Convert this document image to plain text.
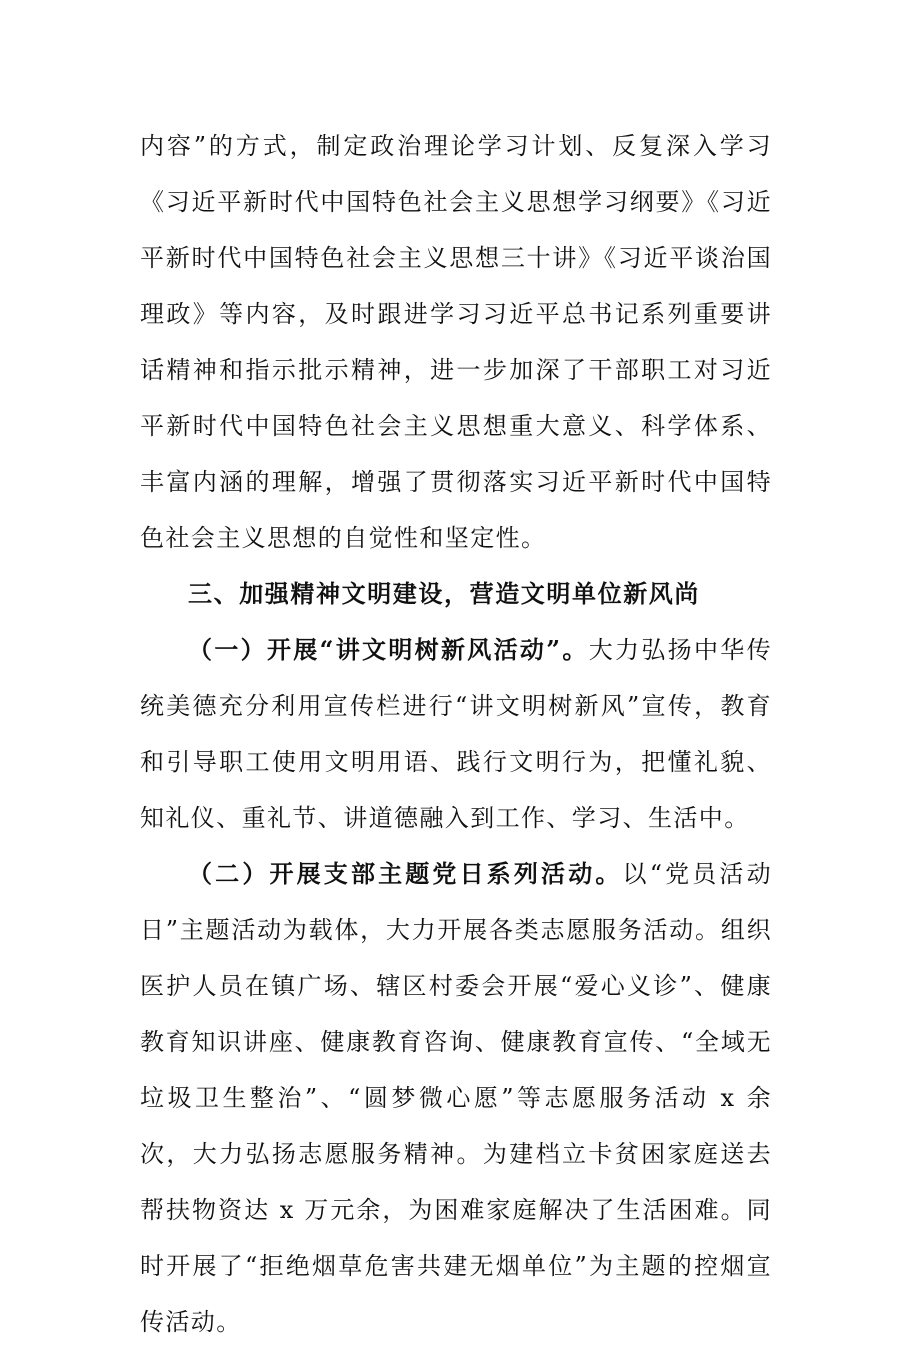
内容”的方式，制定政治理论学习计划、反复深入学习《习近平新时代中国特色社会主义思想学习纲要》《习近平新时代中国特色社会主义思想三十讲》《习近平谈治国理政》等内容，及时跟进学习习近平总书记系列重要讲话精神和指示批示精神，进一步加深了干部职工对习近平新时代中国特色社会主义思想重大意义、科学体系、丰富内涵的理解，增强了贯彻落实习近平新时代中国特色社会主义思想的自觉性和坚定性。

三、加强精神文明建设，营造文明单位新风尚

（一）开展“讲文明树新风活动”。大力弘扬中华传统美德充分利用宣传栏进行“讲文明树新风”宣传，教育和引导职工使用文明用语、践行文明行为，把懂礼貌、知礼仪、重礼节、讲道德融入到工作、学习、生活中。

（二）开展支部主题党日系列活动。以“党员活动日”主题活动为载体，大力开展各类志愿服务活动。组织医护人员在镇广场、辖区村委会开展“爱心义诊”、健康教育知识讲座、健康教育咨询、健康教育宣传、“全域无垃圾卫生整治”、“圆梦微心愿”等志愿服务活动 x 余次，大力弘扬志愿服务精神。为建档立卡贫困家庭送去帮扶物资达 x 万元余，为困难家庭解决了生活困难。同时开展了“拒绝烟草危害共建无烟单位”为主题的控烟宣传活动。
